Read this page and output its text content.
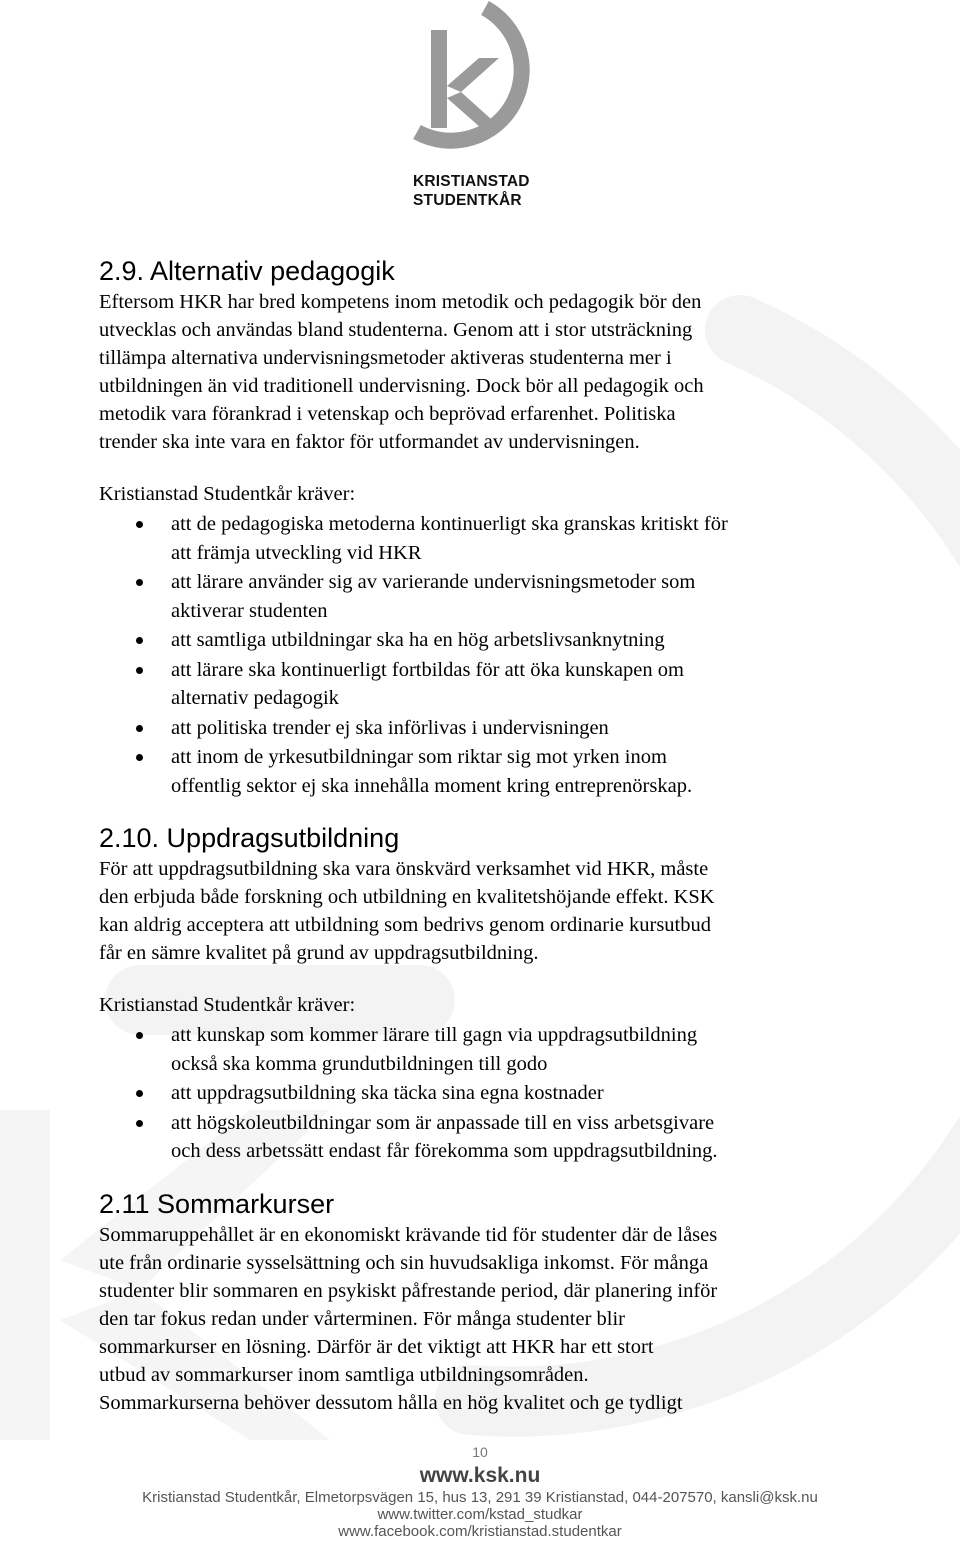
KRISTIANSTAD
STUDENTKÅR
2.9. Alternativ pedagogik

Eftersom HKR har bred kompetens inom metodik och pedagogik bör den
utvecklas och användas bland studenterna. Genom att i stor utsträckning
tillämpa alternativa undervisningsmetoder aktiveras studenterna mer i
utbildningen än vid traditionell undervisning. Dock bör all pedagogik och
metodik vara förankrad i vetenskap och beprövad erfarenhet. Politiska
trender ska inte vara en faktor för utformandet av undervisningen.

Kristianstad Studentkår kräver:

att de pedagogiska metoderna kontinuerligt ska granskas kritiskt för
att främja utveckling vid HKR
att lärare använder sig av varierande undervisningsmetoder som
aktiverar studenten
att samtliga utbildningar ska ha en hög arbetslivsanknytning
att lärare ska kontinuerligt fortbildas för att öka kunskapen om
alternativ pedagogik
att politiska trender ej ska införlivas i undervisningen
att inom de yrkesutbildningar som riktar sig mot yrken inom
offentlig sektor ej ska innehålla moment kring entreprenörskap.
2.10. Uppdragsutbildning

För att uppdragsutbildning ska vara önskvärd verksamhet vid HKR, måste
den erbjuda både forskning och utbildning en kvalitetshöjande effekt. KSK
kan aldrig acceptera att utbildning som bedrivs genom ordinarie kursutbud
får en sämre kvalitet på grund av uppdragsutbildning.

Kristianstad Studentkår kräver:

att kunskap som kommer lärare till gagn via uppdragsutbildning
också ska komma grundutbildningen till godo
att uppdragsutbildning ska täcka sina egna kostnader
att högskoleutbildningar som är anpassade till en viss arbetsgivare
och dess arbetssätt endast får förekomma som uppdragsutbildning.
2.11 Sommarkurser

Sommaruppehållet är en ekonomiskt krävande tid för studenter där de låses
ute från ordinarie sysselsättning och sin huvudsakliga inkomst. För många
studenter blir sommaren en psykiskt påfrestande period, där planering inför
den tar fokus redan under vårterminen. För många studenter blir
sommarkurser en lösning. Därför är det viktigt att HKR har ett stort
utbud av sommarkurser inom samtliga utbildningsområden.
Sommarkurserna behöver dessutom hålla en hög kvalitet och ge tydligt

10
www.ksk.nu
Kristianstad Studentkår, Elmetorpsvägen 15, hus 13, 291 39 Kristianstad, 044-207570, kansli@ksk.nu
www.twitter.com/kstad_studkar
www.facebook.com/kristianstad.studentkar
